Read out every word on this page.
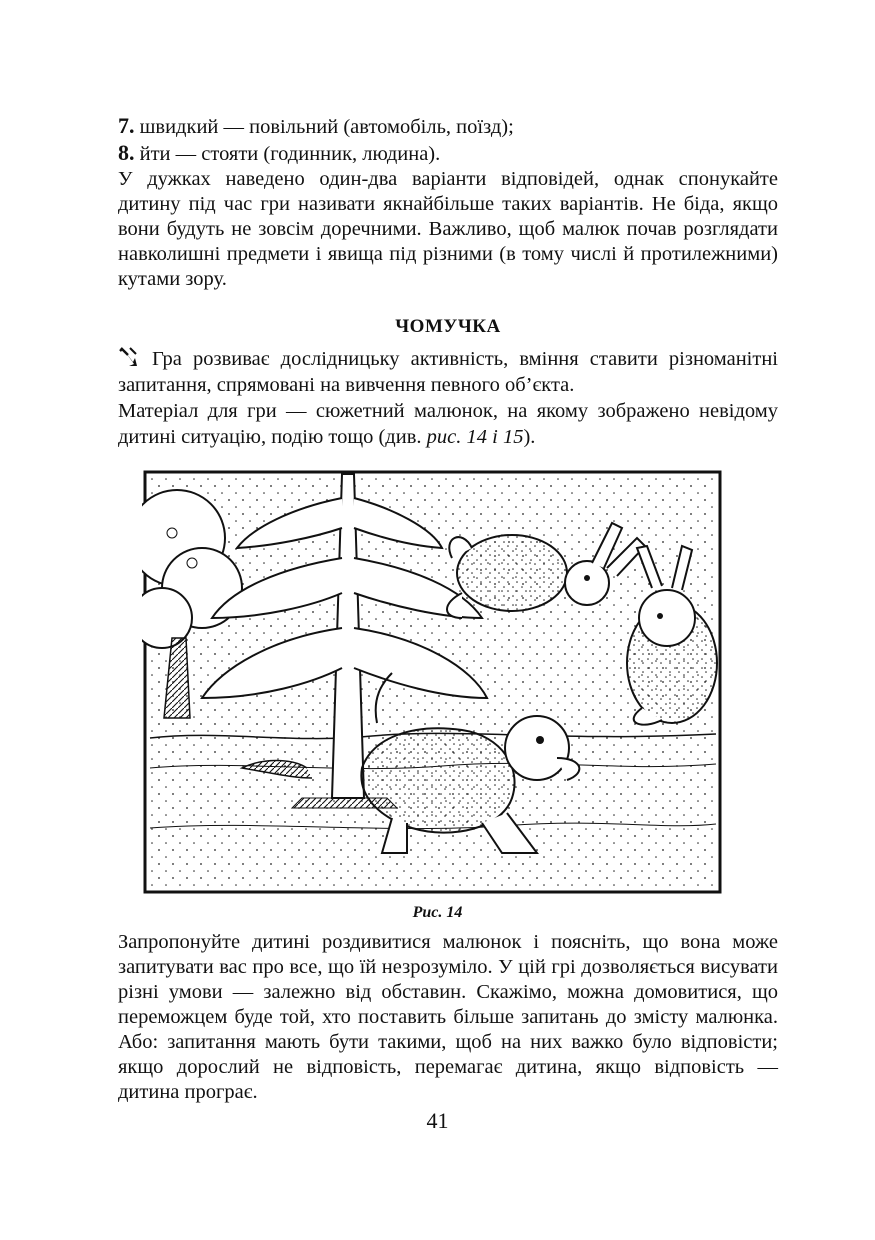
7. швидкий — повільний (автомобіль, поїзд);

8. йти — стояти (годинник, людина).

У дужках наведено один-два варіанти відповідей, однак спонукайте дитину під час гри називати якнайбільше таких варіантів. Не біда, якщо вони будуть не зовсім доречними. Важливо, щоб малюк почав розглядати навколишні предмети і явища під різними (в тому числі й протилежними) кутами зору.

ЧОМУЧКА

Гра розвиває дослідницьку активність, вміння ставити різноманітні запитання, спрямовані на вивчення певного об’єкта.

Матеріал для гри — сюжетний малюнок, на якому зображено невідому дитині ситуацію, подію тощо (див. рис. 14 і 15).

Рис. 14

Запропонуйте дитині роздивитися малюнок і поясніть, що вона може запитувати вас про все, що їй незрозуміло. У цій грі дозволяється висувати різні умови — залежно від обставин. Скажімо, можна домовитися, що переможцем буде той, хто поставить більше запитань до змісту малюнка. Або: запитання мають бути такими, щоб на них важко було відповісти; якщо дорослий не відповість, перемагає дитина, якщо відповість — дитина програє.

41
